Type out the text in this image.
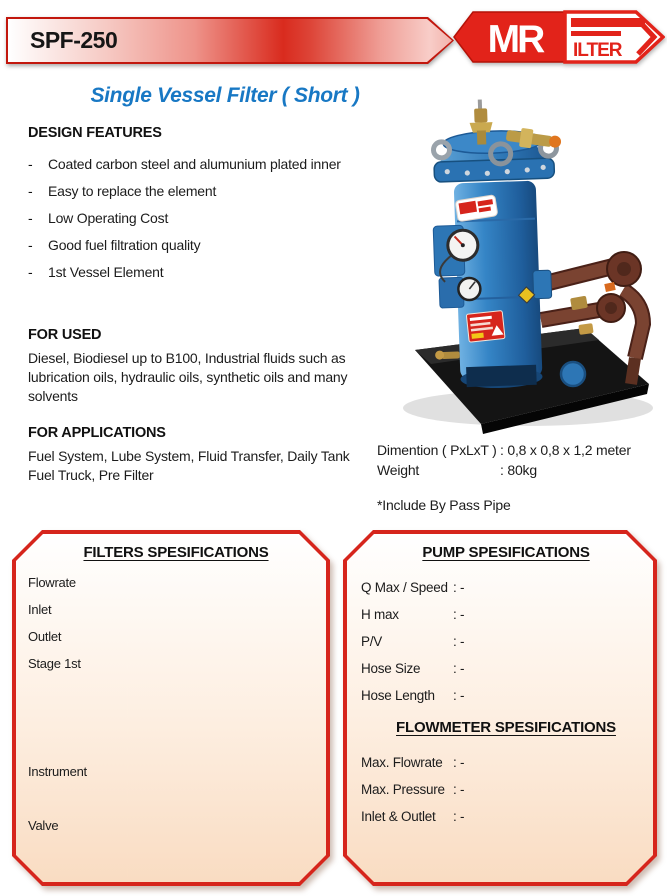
SPF-250	MR ILTER
Single Vessel Filter ( Short )
DESIGN FEATURES
-	Coated carbon steel and alumunium plated inner
-	Easy to replace the element
-	Low Operating Cost
-	Good fuel filtration quality
-	1st Vessel Element
FOR USED
Diesel, Biodiesel up to B100, Industrial fluids such as lubrication oils, hydraulic oils, synthetic oils and many solvents
FOR APPLICATIONS
Fuel System, Lube System, Fluid Transfer, Daily Tank Fuel Truck, Pre Filter
Dimention ( PxLxT ) : 0,8 x 0,8 x 1,2 meter
Weight	: 80kg
*Include By Pass Pipe
FILTERS SPESIFICATIONS
Flowrate
Inlet
Outlet
Stage 1st
Instrument
Valve
PUMP SPESIFICATIONS
Q Max / Speed : -
H max	: -
P/V	: -
Hose Size	: -
Hose Length	: -
FLOWMETER SPESIFICATIONS
Max. Flowrate : -
Max. Pressure : -
Inlet & Outlet	: -
